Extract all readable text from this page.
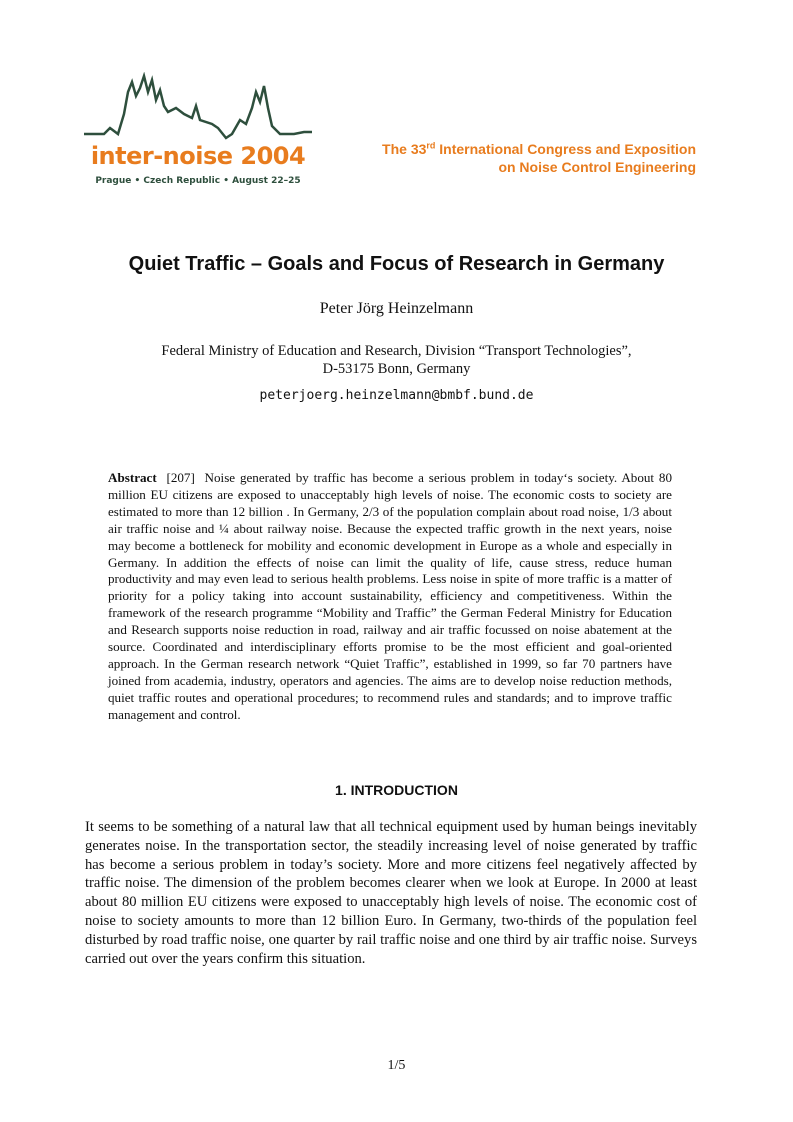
inter-noise 2004
Prague • Czech Republic • August 22–25
The 33rd International Congress and Exposition
on Noise Control Engineering
Quiet Traffic – Goals and Focus of Research in Germany
Peter Jörg Heinzelmann
Federal Ministry of Education and Research, Division “Transport Technologies”,
D-53175 Bonn, Germany
peterjoerg.heinzelmann@bmbf.bund.de

Abstract [207] Noise generated by traffic has become a serious problem in today‘s society. About 80 million EU citizens are exposed to unacceptably high levels of noise. The economic costs to society are estimated to more than 12 billion . In Germany, 2/3 of the population complain about road noise, 1/3 about air traffic noise and ¼ about railway noise. Because the expected traffic growth in the next years, noise may become a bottleneck for mobility and economic development in Europe as a whole and especially in Germany. In addition the effects of noise can limit the quality of life, cause stress, reduce human productivity and may even lead to serious health problems. Less noise in spite of more traffic is a matter of priority for a policy taking into account sustainability, efficiency and competitiveness. Within the framework of the research programme “Mobility and Traffic” the German Federal Ministry for Education and Research supports noise reduction in road, railway and air traffic focussed on noise abatement at the source. Coordinated and interdisciplinary efforts promise to be the most efficient and goal-oriented approach. In the German research network “Quiet Traffic”, established in 1999, so far 70 partners have joined from academia, industry, operators and agencies. The aims are to develop noise reduction methods, quiet traffic routes and operational procedures; to recommend rules and standards; and to improve traffic management and control.

1. INTRODUCTION

It seems to be something of a natural law that all technical equipment used by human beings inevitably generates noise. In the transportation sector, the steadily increasing level of noise generated by traffic has become a serious problem in today’s society. More and more citizens feel negatively affected by traffic noise. The dimension of the problem becomes clearer when we look at Europe. In 2000 at least about 80 million EU citizens were exposed to unacceptably high levels of noise. The economic cost of noise to society amounts to more than 12 billion Euro. In Germany, two-thirds of the population feel disturbed by road traffic noise, one quarter by rail traffic noise and one third by air traffic noise. Surveys carried out over the years confirm this situation.

1/5
